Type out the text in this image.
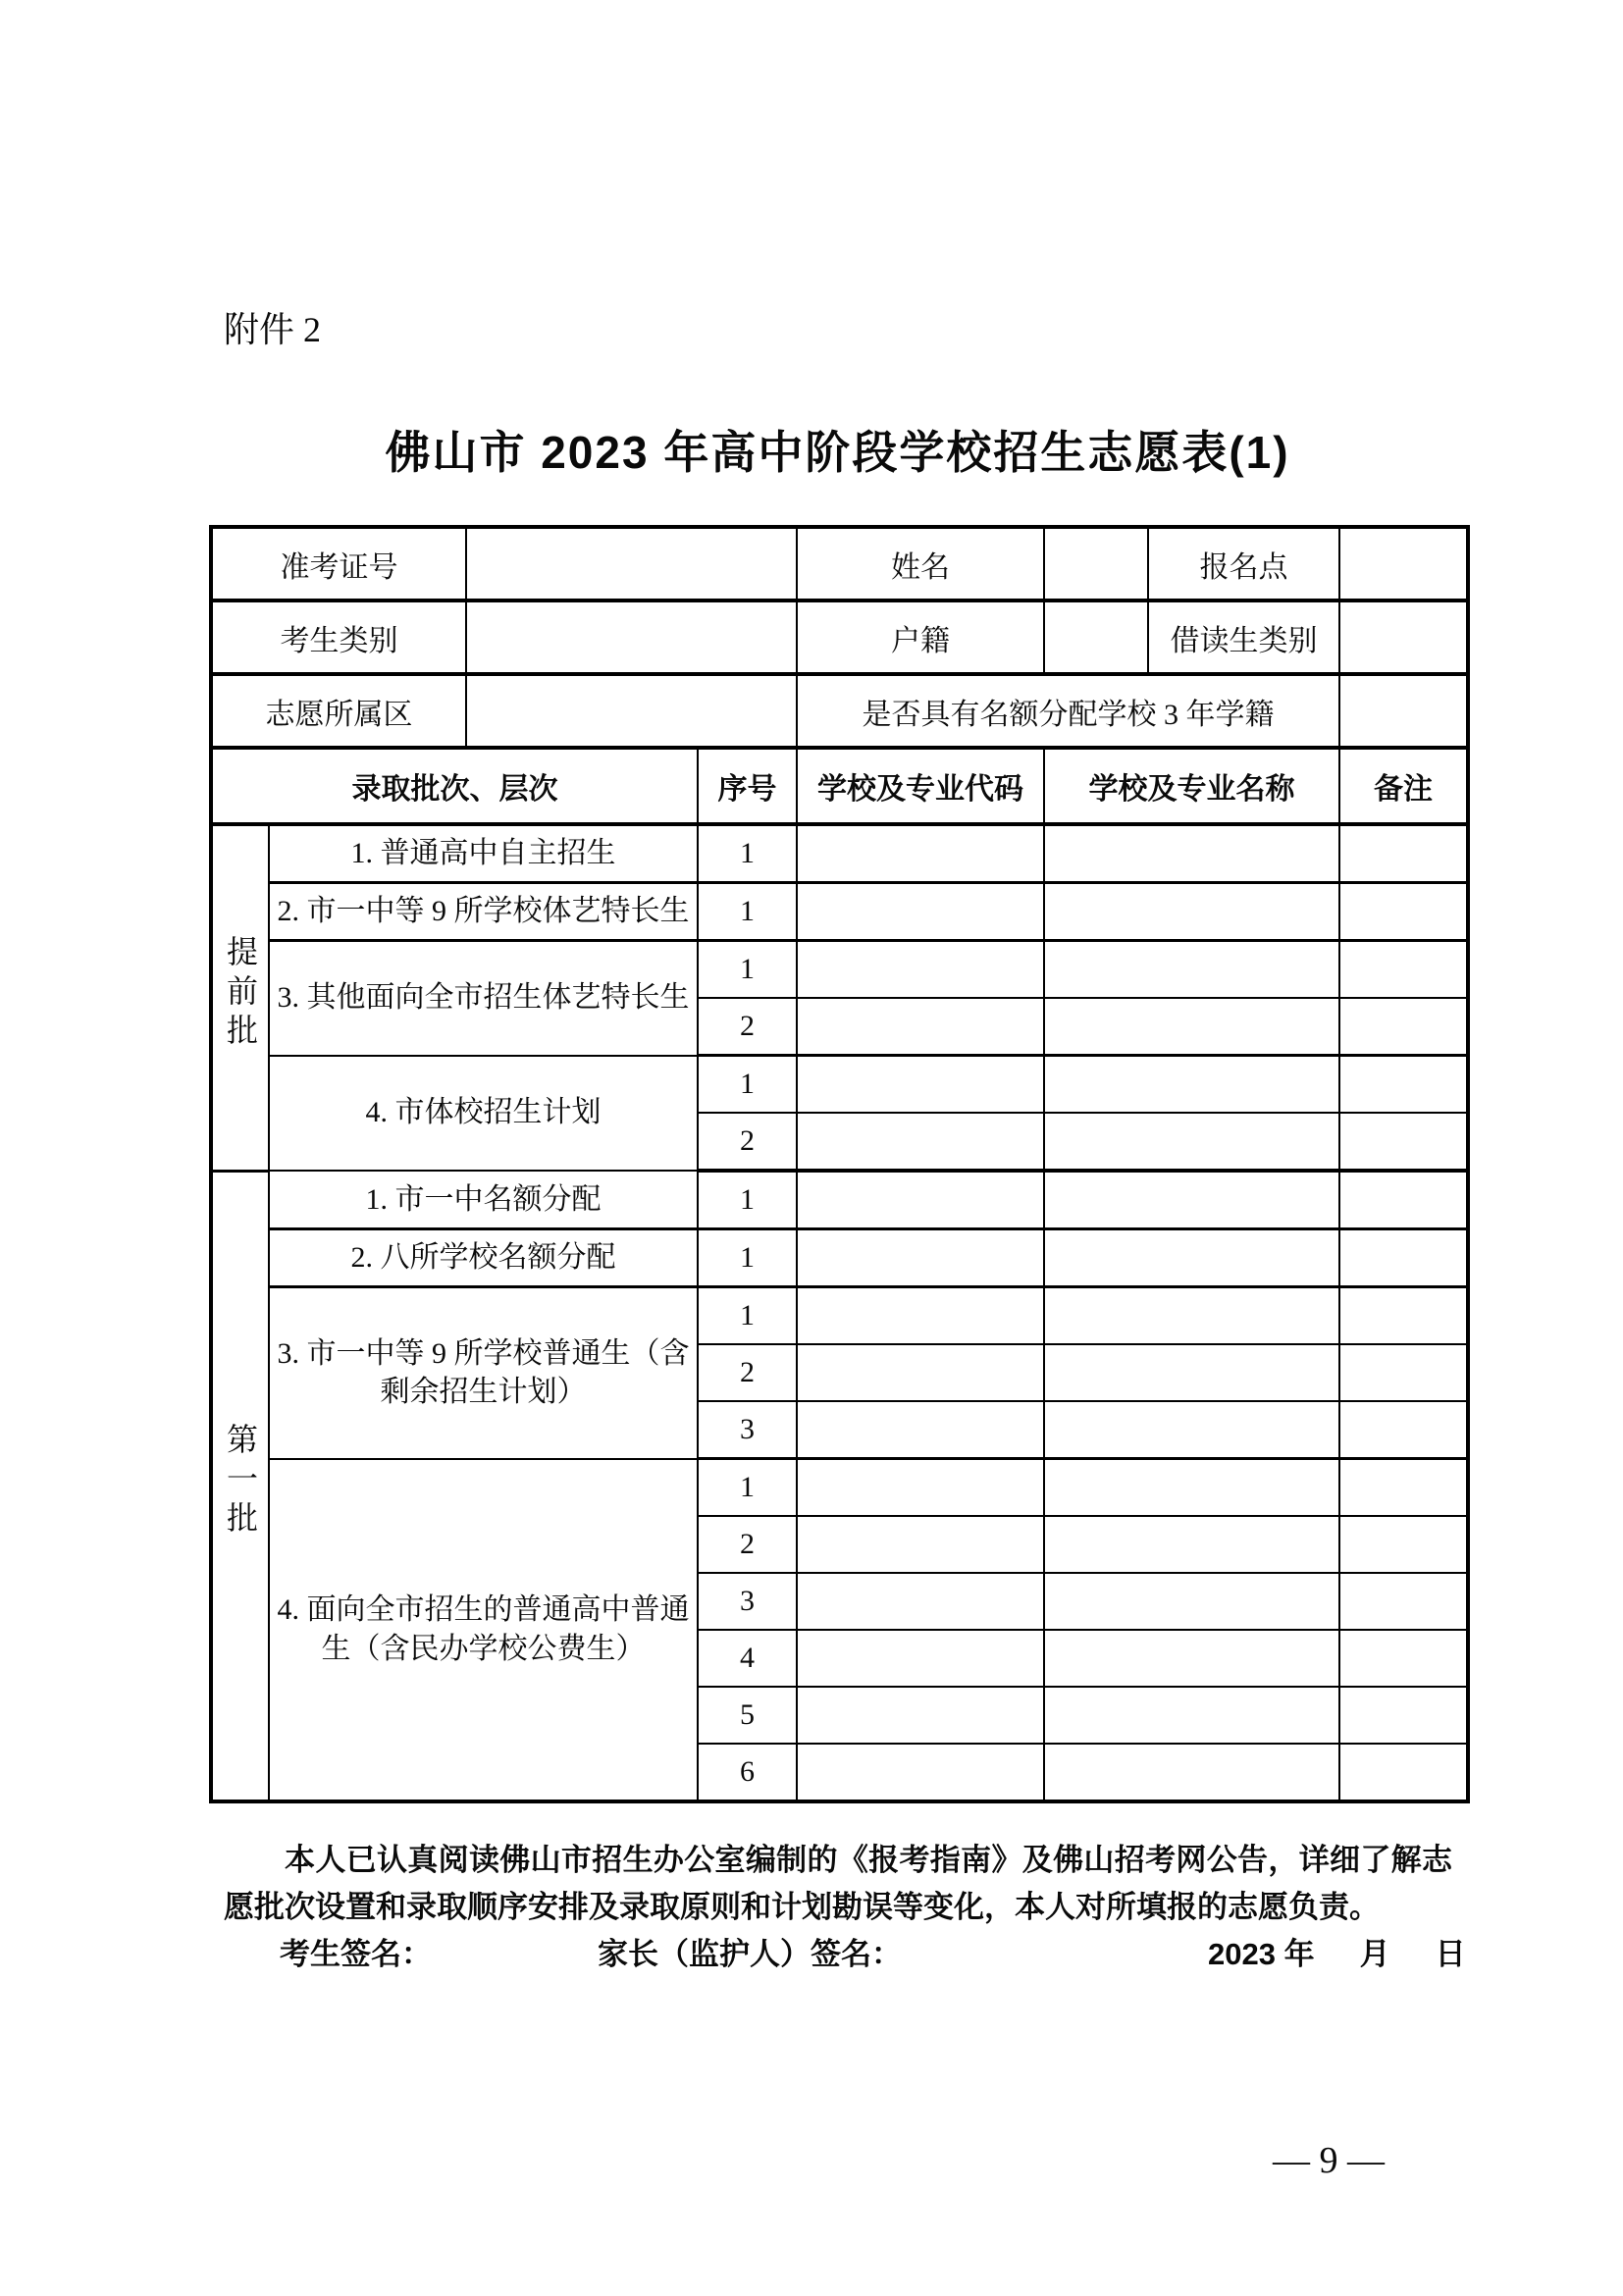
附件 2
佛山市 2023 年高中阶段学校招生志愿表(1)
准考证号				姓名		报名点	
考生类别				户籍		借读生类别	
志愿所属区				是否具有名额分配学校 3 年学籍			
录取批次、层次			序号	学校及专业代码	学校及专业名称		备注
提前批	1. 普通高中自主招生		1				
	2. 市一中等 9 所学校体艺特长生		1				
	3. 其他面向全市招生体艺特长生		1				
			2				
	4. 市体校招生计划		1				
			2				
第一批	1. 市一中名额分配		1				
	2. 八所学校名额分配		1				
	3. 市一中等 9 所学校普通生（含剩余招生计划）		1				
			2				
			3				
	4. 面向全市招生的普通高中普通生（含民办学校公费生）		1				
			2				
			3				
			4				
			5				
			6				

本人已认真阅读佛山市招生办公室编制的《报考指南》及佛山招考网公告，详细了解志愿批次设置和录取顺序安排及录取原则和计划勘误等变化，本人对所填报的志愿负责。

考生签名：	家长（监护人）签名：	2023 年 月 日
— 9 —
